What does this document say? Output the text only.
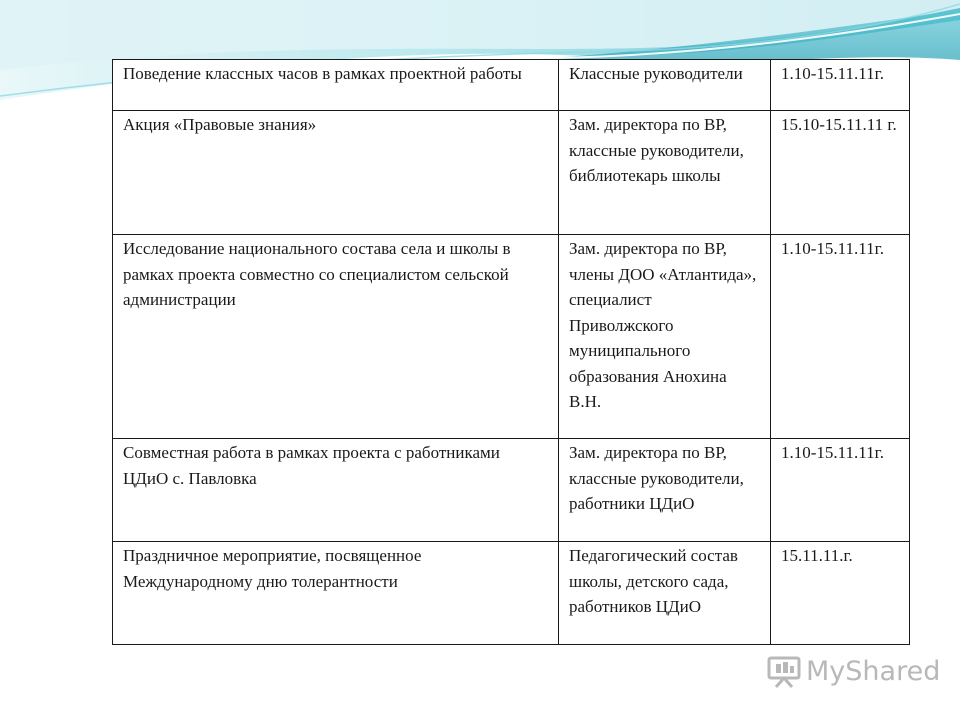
Поведение классных часов в рамках проектной работы	Классные руководители	1.10-15.11.11г.
Акция «Правовые знания»	Зам. директора по ВР, классные руководители, библиотекарь школы	15.10-15.11.11 г.
Исследование национального состава села и школы в рамках проекта совместно со специалистом сельской администрации	Зам. директора по ВР, члены ДОО «Атлантида», специалист Приволжского муниципального образования Анохина В.Н.	1.10-15.11.11г.
Совместная работа в рамках проекта с работниками ЦДиО с. Павловка	Зам. директора по ВР, классные руководители, работники ЦДиО	1.10-15.11.11г.
Праздничное мероприятие, посвященное Международному дню толерантности	Педагогический состав школы, детского сада, работников ЦДиО	15.11.11.г.
MyShared
